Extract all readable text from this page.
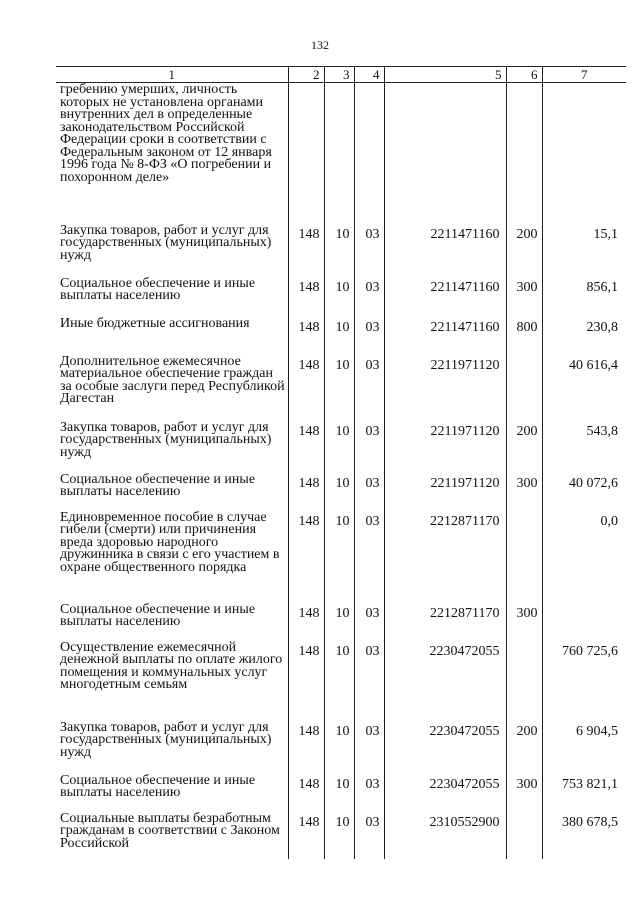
132
1	2	3	4	5	6	7
гребению умерших, личность которых не установлена органами внутренних дел в определенные законодательством Российской Федерации сроки в соответствии с Федеральным законом от 12 января 1996 года № 8-ФЗ «О погребении и похоронном деле»						
Закупка товаров, работ и услуг для государственных (муниципальных) нужд	148	10	03	2211471160	200	15,1
Социальное обеспечение и иные выплаты населению	148	10	03	2211471160	300	856,1
Иные бюджетные ассигнования	148	10	03	2211471160	800	230,8
Дополнительное ежемесячное материальное обеспечение граждан за особые заслуги перед Республикой Дагестан	148	10	03	2211971120		40 616,4
Закупка товаров, работ и услуг для государственных (муниципальных) нужд	148	10	03	2211971120	200	543,8
Социальное обеспечение и иные выплаты населению	148	10	03	2211971120	300	40 072,6
Единовременное пособие в случае гибели (смерти) или причинения вреда здоровью народного дружинника в связи с его участием в охране общественного порядка	148	10	03	2212871170		0,0
Социальное обеспечение и иные выплаты населению	148	10	03	2212871170	300	
Осуществление ежемесячной денежной выплаты по оплате жилого помещения и коммунальных услуг многодетным семьям	148	10	03	2230472055		760 725,6
Закупка товаров, работ и услуг для государственных (муниципальных) нужд	148	10	03	2230472055	200	6 904,5
Социальное обеспечение и иные выплаты населению	148	10	03	2230472055	300	753 821,1
Социальные выплаты безработным гражданам в соответствии с Законом Российской	148	10	03	2310552900		380 678,5
